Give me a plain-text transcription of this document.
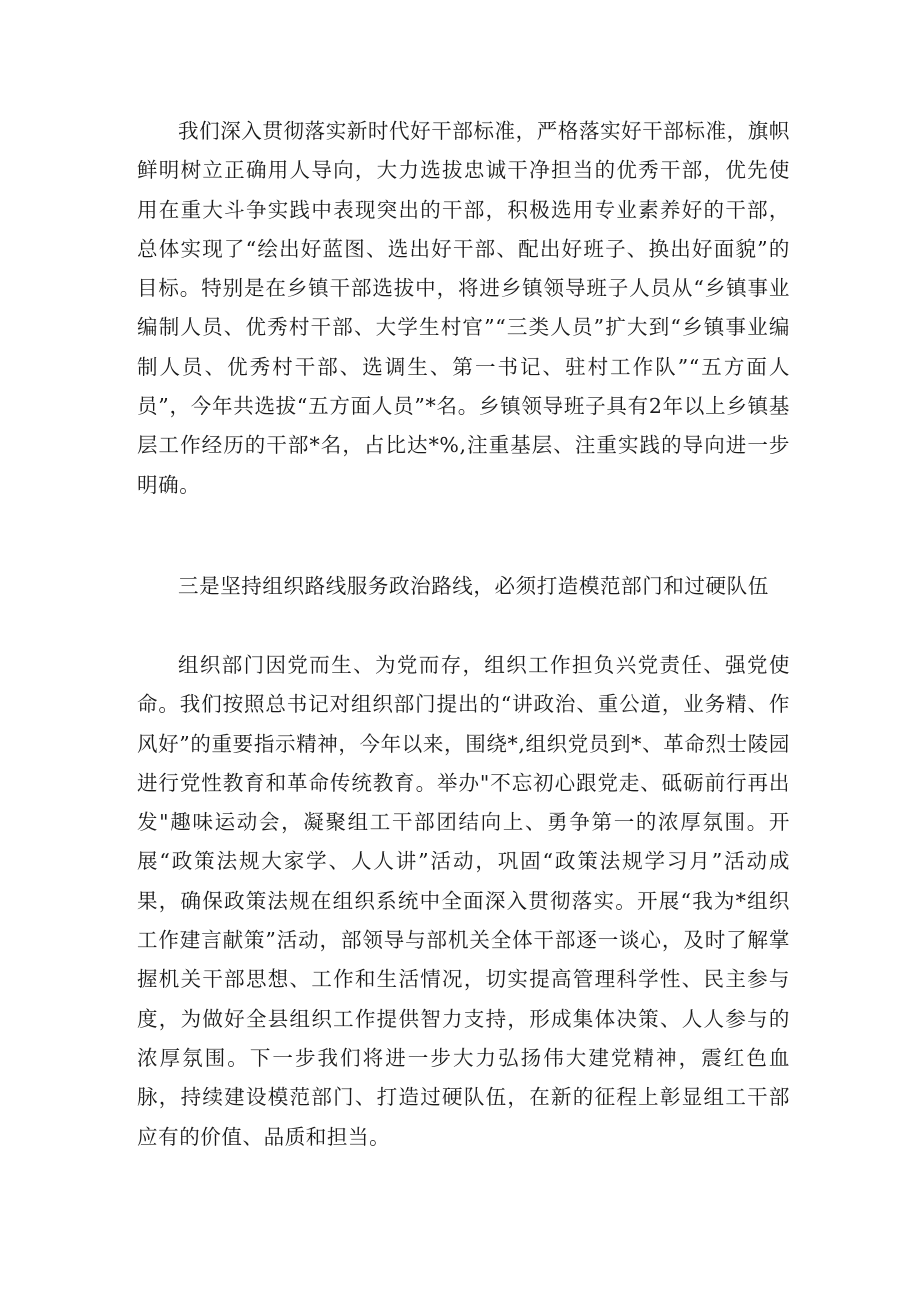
我们深入贯彻落实新时代好干部标准，严格落实好干部标准，旗帜鲜明树立正确用人导向，大力选拔忠诚干净担当的优秀干部，优先使用在重大斗争实践中表现突出的干部，积极选用专业素养好的干部，总体实现了“绘出好蓝图、选出好干部、配出好班子、换出好面貌”的目标。特别是在乡镇干部选拔中，将进乡镇领导班子人员从“乡镇事业编制人员、优秀村干部、大学生村官”“三类人员”扩大到“乡镇事业编制人员、优秀村干部、选调生、第一书记、驻村工作队”“五方面人员”，今年共选拔“五方面人员”*名。乡镇领导班子具有2年以上乡镇基层工作经历的干部*名，占比达*%,注重基层、注重实践的导向进一步明确。

三是坚持组织路线服务政治路线，必须打造模范部门和过硬队伍

组织部门因党而生、为党而存，组织工作担负兴党责任、强党使命。我们按照总书记对组织部门提出的“讲政治、重公道，业务精、作风好”的重要指示精神，今年以来，围绕*,组织党员到*、革命烈士陵园进行党性教育和革命传统教育。举办"不忘初心跟党走、砥砺前行再出发"趣味运动会，凝聚组工干部团结向上、勇争第一的浓厚氛围。开展“政策法规大家学、人人讲”活动，巩固“政策法规学习月”活动成果，确保政策法规在组织系统中全面深入贯彻落实。开展“我为*组织工作建言献策”活动，部领导与部机关全体干部逐一谈心，及时了解掌握机关干部思想、工作和生活情况，切实提高管理科学性、民主参与度，为做好全县组织工作提供智力支持，形成集体决策、人人参与的浓厚氛围。下一步我们将进一步大力弘扬伟大建党精神，震红色血脉，持续建设模范部门、打造过硬队伍，在新的征程上彰显组工干部应有的价值、品质和担当。
